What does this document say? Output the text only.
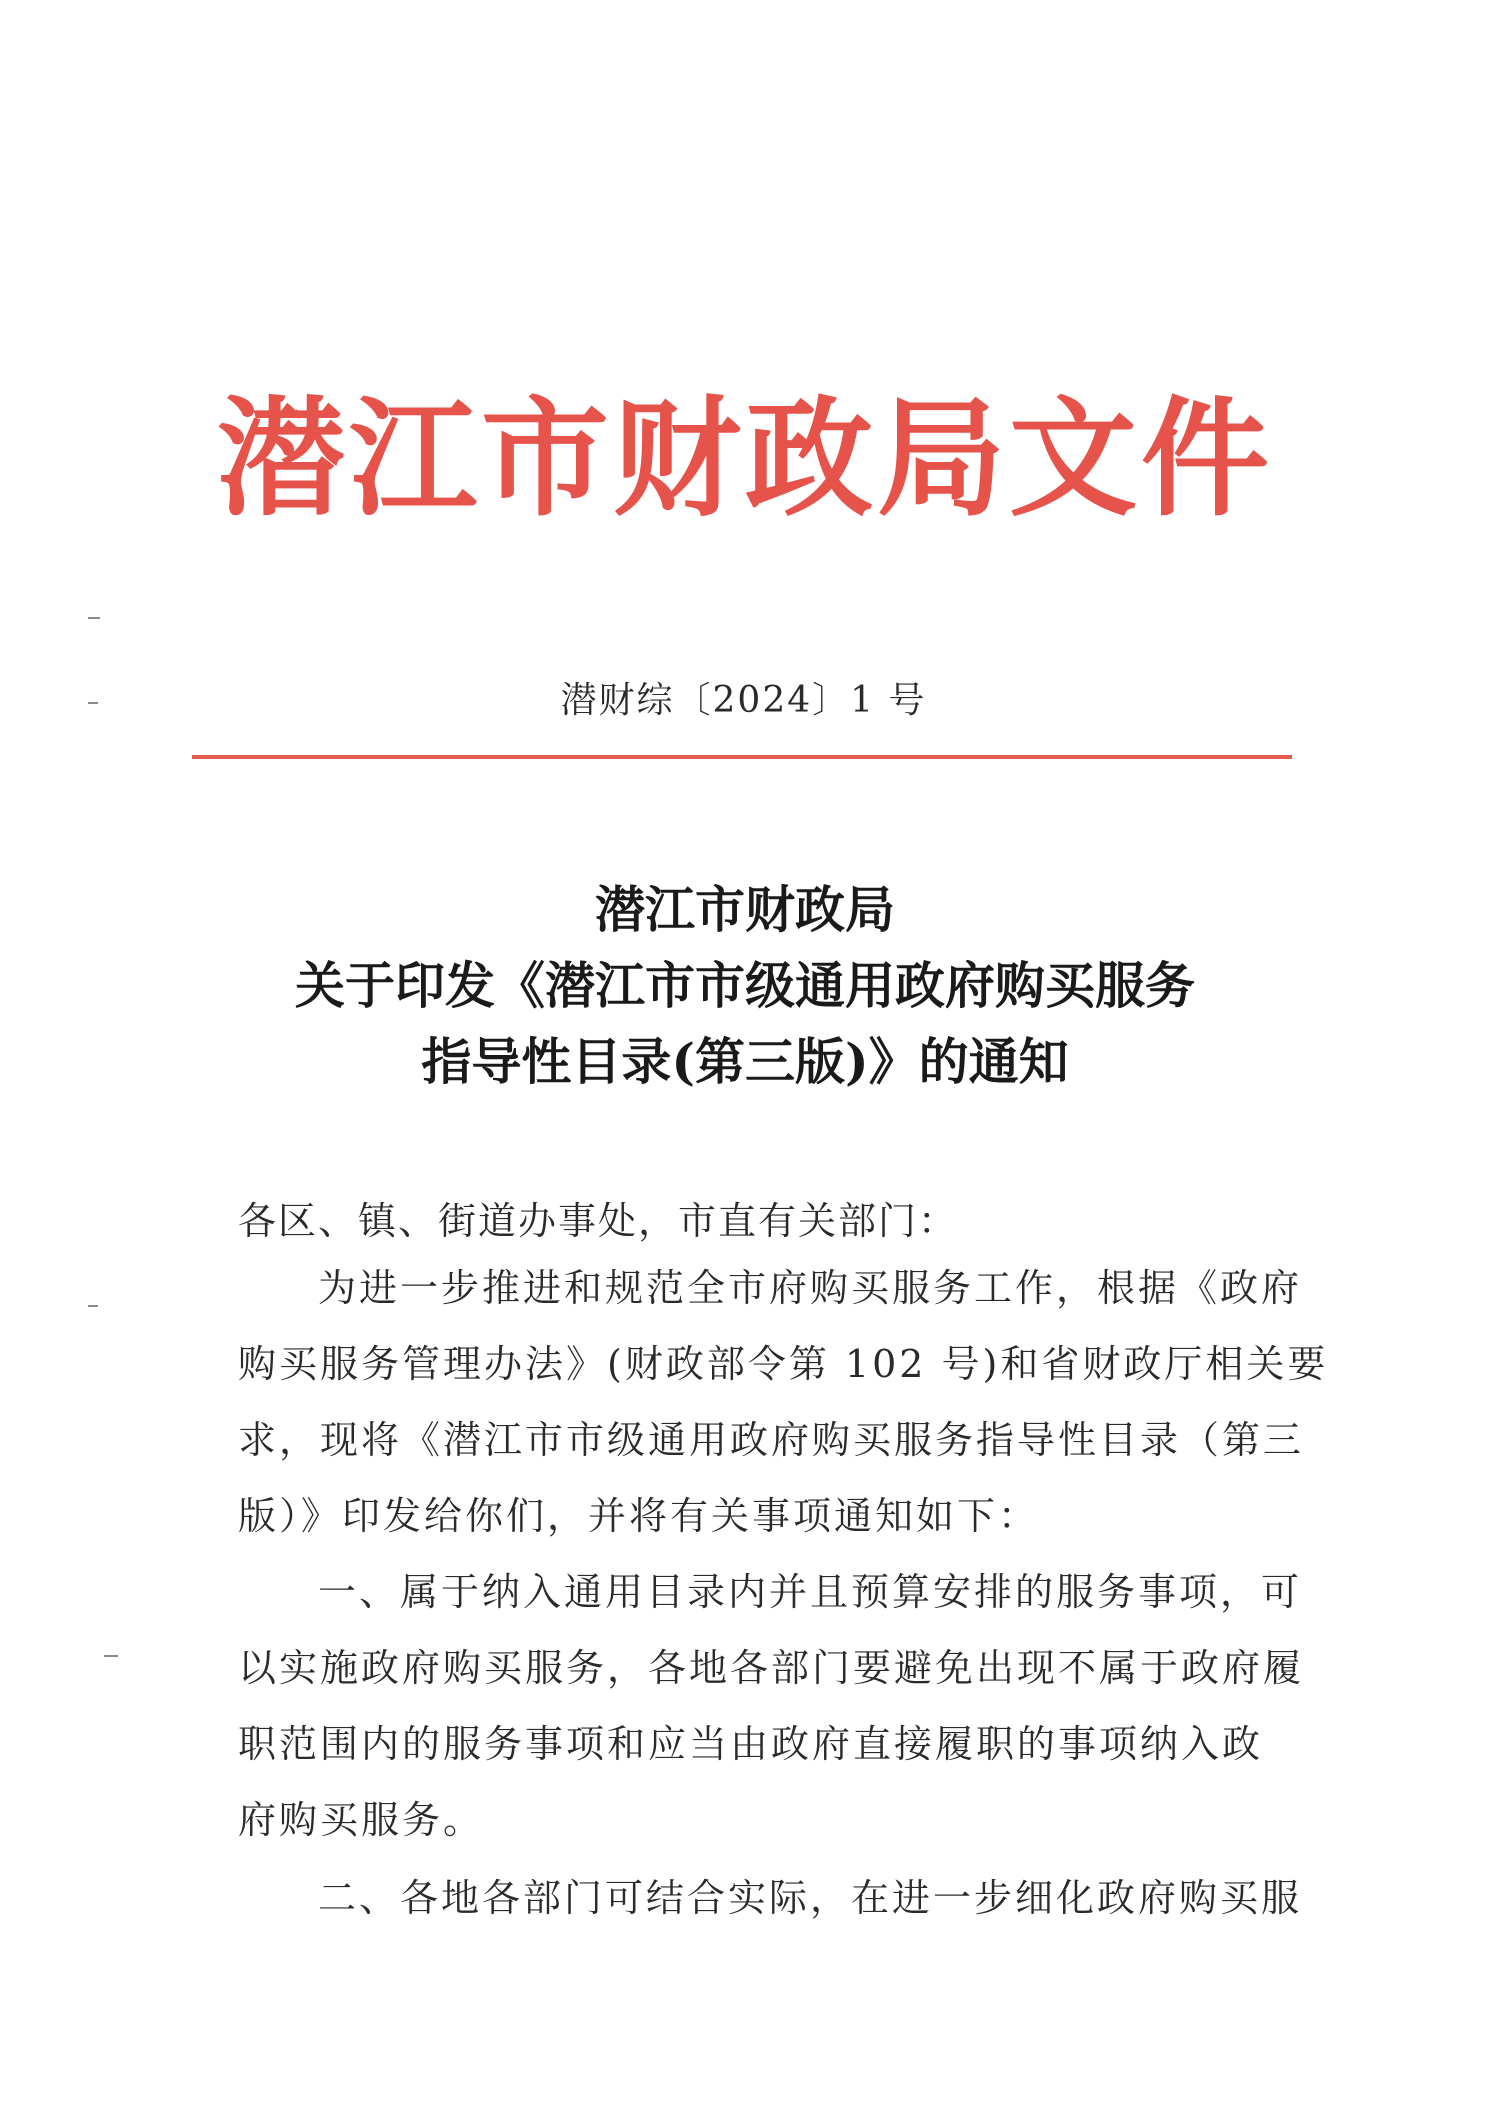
潜江市财政局文件
潜财综〔2024〕1 号
潜江市财政局
关于印发《潜江市市级通用政府购买服务
指导性目录(第三版)》的通知
各区、镇、街道办事处，市直有关部门：
为进一步推进和规范全市府购买服务工作，根据《政府
购买服务管理办法》(财政部令第 102 号)和省财政厅相关要
求，现将《潜江市市级通用政府购买服务指导性目录（第三
版）》印发给你们，并将有关事项通知如下：
一、属于纳入通用目录内并且预算安排的服务事项，可
以实施政府购买服务，各地各部门要避免出现不属于政府履
职范围内的服务事项和应当由政府直接履职的事项纳入政
府购买服务。
二、各地各部门可结合实际，在进一步细化政府购买服
